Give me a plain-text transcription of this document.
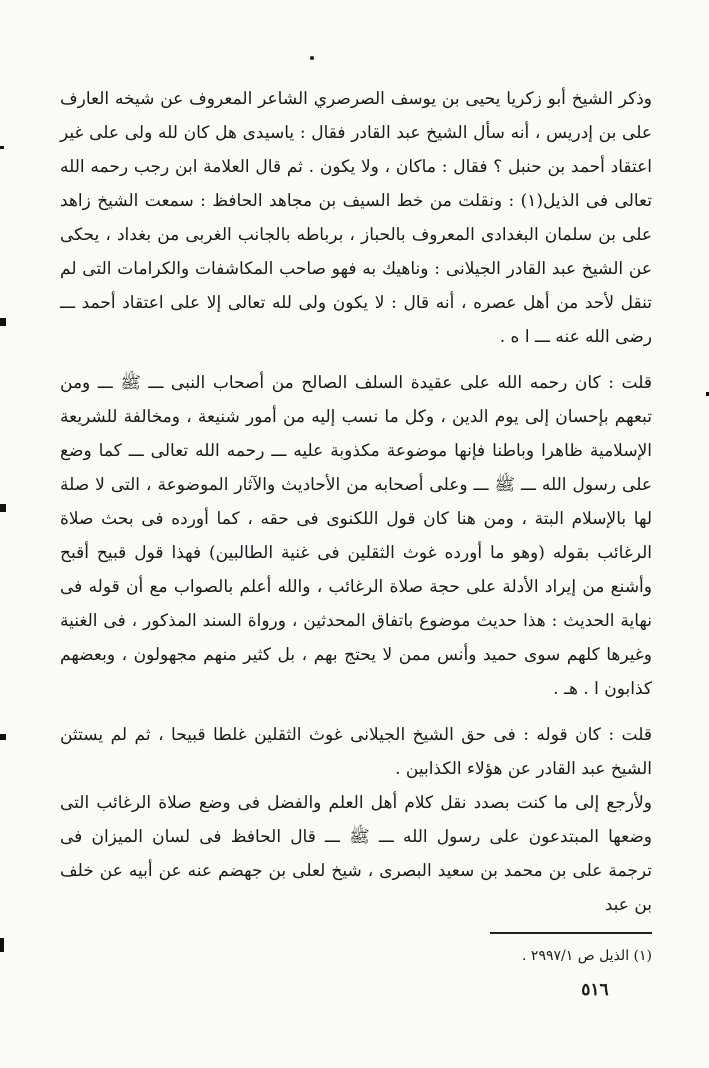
وذكر الشيخ أبو زكريا يحيى بن يوسف الصرصري الشاعر المعروف عن شيخه العارف على بن إدريس ، أنه سأل الشيخ عبد القادر فقال : ياسيدى هل كان لله ولى على غير اعتقاد أحمد بن حنبل ؟ فقال : ماكان ، ولا يكون . ثم قال العلامة ابن رجب رحمه الله تعالى فى الذيل(١) : ونقلت من خط السيف بن مجاهد الحافظ : سمعت الشيخ زاهد على بن سلمان البغدادى المعروف بالحباز ، برباطه بالجانب الغربى من بغداد ، يحكى عن الشيخ عبد القادر الجيلانى : وناهيك به فهو صاحب المكاشفات والكرامات التى لم تنقل لأحد من أهل عصره ، أنه قال : لا يكون ولى لله تعالى إلا على اعتقاد أحمد ـــ رضى الله عنه ـــ ا ه .

قلت : كان رحمه الله على عقيدة السلف الصالح من أصحاب النبى ـــ ﷺ ـــ ومن تبعهم بإحسان إلى يوم الدين ، وكل ما نسب إليه من أمور شنيعة ، ومخالفة للشريعة الإسلامية ظاهرا وباطنا فإنها موضوعة مكذوبة عليه ـــ رحمه الله تعالى ـــ كما وضع على رسول الله ـــ ﷺ ـــ وعلى أصحابه من الأحاديث والآثار الموضوعة ، التى لا صلة لها بالإسلام البتة ، ومن هنا كان قول اللكنوى فى حقه ، كما أورده فى بحث صلاة الرغائب بقوله (وهو ما أورده غوث الثقلين فى غنية الطالبين) فهذا قول قبيح أقبح وأشنع من إيراد الأدلة على حجة صلاة الرغائب ، والله أعلم بالصواب مع أن قوله فى نهاية الحديث : هذا حديث موضوع باتفاق المحدثين ، ورواة السند المذكور ، فى الغنية وغيرها كلهم سوى حميد وأنس ممن لا يحتج بهم ، بل كثير منهم مجهولون ، وبعضهم كذابون ا . هـ .

قلت : كان قوله : فى حق الشيخ الجيلانى غوث الثقلين غلطا قبيحا ، ثم لم يستثن الشيخ عبد القادر عن هؤلاء الكذابين .

ولأرجع إلى ما كنت بصدد نقل كلام أهل العلم والفضل فى وضع صلاة الرغائب التى وضعها المبتدعون على رسول الله ـــ ﷺ ـــ قال الحافظ فى لسان الميزان فى ترجمة على بن محمد بن سعيد البصرى ، شيخ لعلى بن جهضم عنه عن أبيه عن خلف بن عبد

(١) الذيل ص ٢٩٩٧/١ .

٥١٦
